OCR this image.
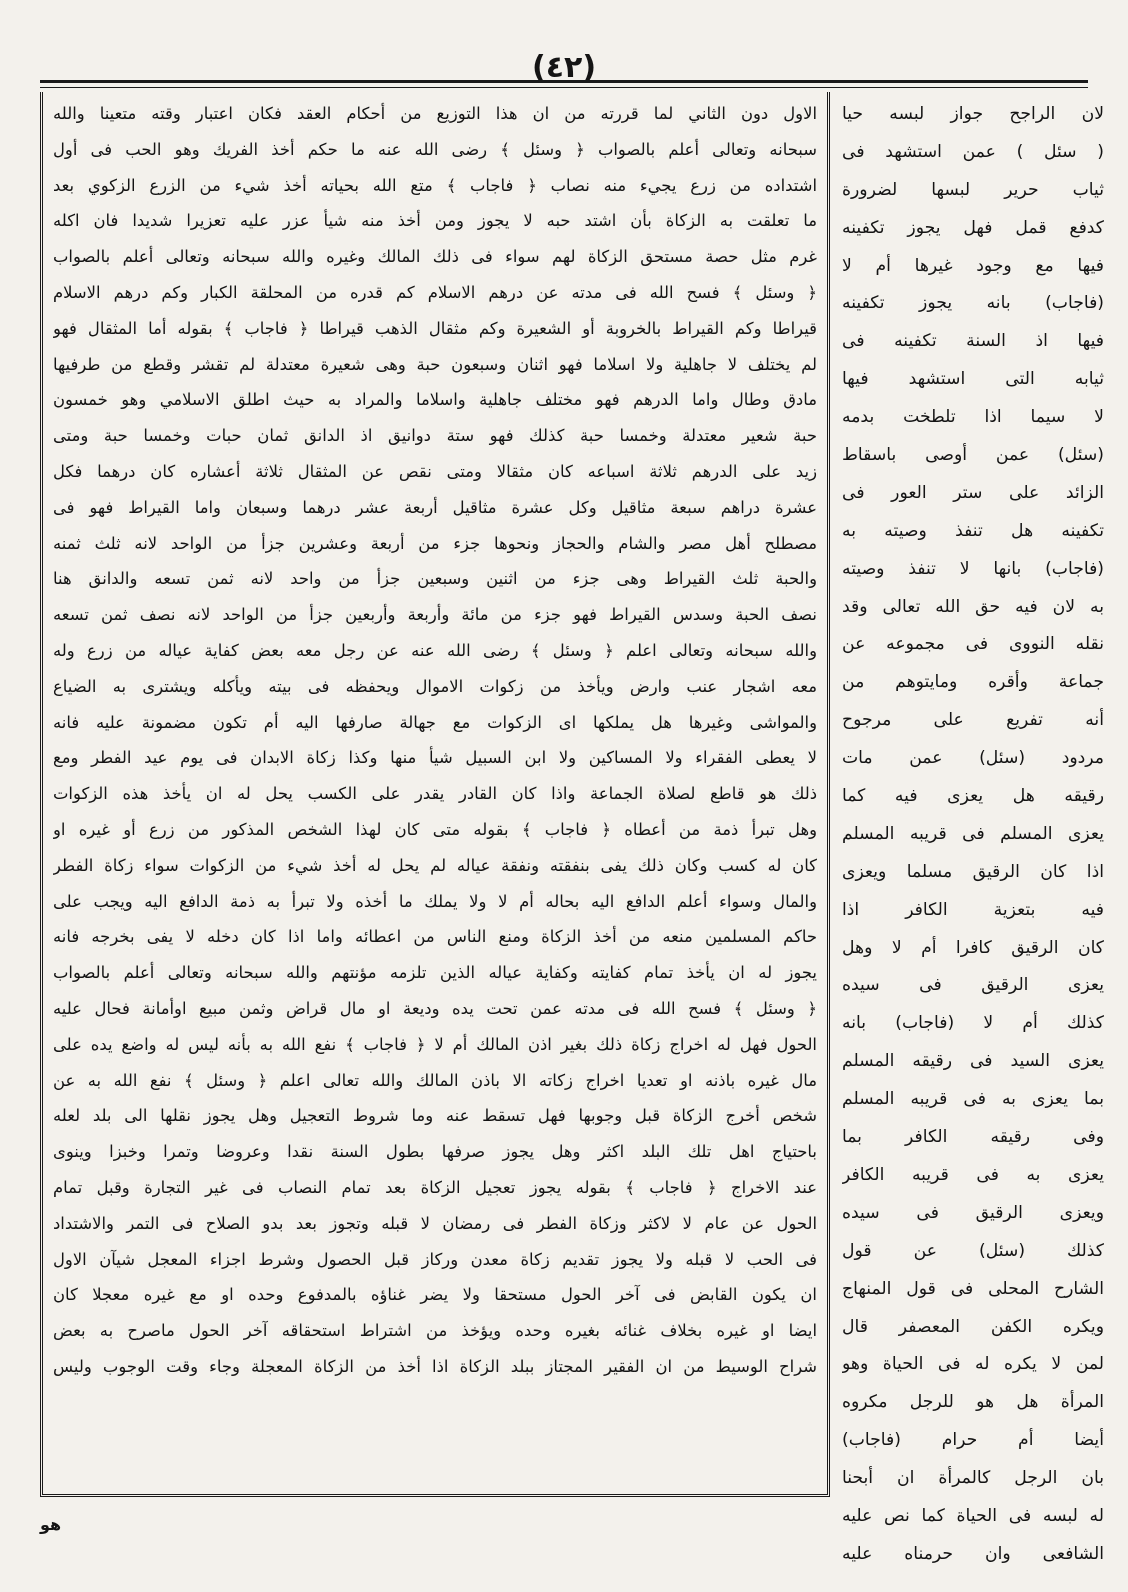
(٤٢)
الاول دون الثاني لما قررته من ان هذا التوزيع من أحكام العقد فكان اعتبار وقته متعينا والله
سبحانه وتعالى أعلم بالصواب ﴿ وسئل ﴾ رضى الله عنه ما حكم أخذ الفريك وهو الحب فى أول
اشتداده من زرع يجيء منه نصاب ﴿ فاجاب ﴾ متع الله بحياته أخذ شيء من الزرع الزكوي بعد
ما تعلقت به الزكاة بأن اشتد حبه لا يجوز ومن أخذ منه شيأ عزر عليه تعزيرا شديدا فان اكله
غرم مثل حصة مستحق الزكاة لهم سواء فى ذلك المالك وغيره والله سبحانه وتعالى أعلم بالصواب
﴿ وسئل ﴾ فسح الله فى مدته عن درهم الاسلام كم قدره من المحلقة الكبار وكم درهم الاسلام
قيراطا وكم القيراط بالخروبة أو الشعيرة وكم مثقال الذهب قيراطا ﴿ فاجاب ﴾ بقوله أما المثقال فهو
لم يختلف لا جاهلية ولا اسلاما فهو اثنان وسبعون حبة وهى شعيرة معتدلة لم تقشر وقطع من طرفيها
مادق وطال واما الدرهم فهو مختلف جاهلية واسلاما والمراد به حيث اطلق الاسلامي وهو خمسون
حبة شعير معتدلة وخمسا حبة كذلك فهو ستة دوانيق اذ الدانق ثمان حبات وخمسا حبة ومتى
زيد على الدرهم ثلاثة اسباعه كان مثقالا ومتى نقص عن المثقال ثلاثة أعشاره كان درهما فكل
عشرة دراهم سبعة مثاقيل وكل عشرة مثاقيل أربعة عشر درهما وسبعان واما القيراط فهو فى
مصطلح أهل مصر والشام والحجاز ونحوها جزء من أربعة وعشرين جزأ من الواحد لانه ثلث ثمنه
والحبة ثلث القيراط وهى جزء من اثنين وسبعين جزأ من واحد لانه ثمن تسعه والدانق هنا
نصف الحبة وسدس القيراط فهو جزء من مائة وأربعة وأربعين جزأ من الواحد لانه نصف ثمن تسعه
والله سبحانه وتعالى اعلم ﴿ وسئل ﴾ رضى الله عنه عن رجل معه بعض كفاية عياله من زرع وله
معه اشجار عنب وارض ويأخذ من زكوات الاموال ويحفظه فى بيته ويأكله ويشترى به الضياع
والمواشى وغيرها هل يملكها اى الزكوات مع جهالة صارفها اليه أم تكون مضمونة عليه فانه
لا يعطى الفقراء ولا المساكين ولا ابن السبيل شيأ منها وكذا زكاة الابدان فى يوم عيد الفطر ومع
ذلك هو قاطع لصلاة الجماعة واذا كان القادر يقدر على الكسب يحل له ان يأخذ هذه الزكوات
وهل تبرأ ذمة من أعطاه ﴿ فاجاب ﴾ بقوله متى كان لهذا الشخص المذكور من زرع أو غيره او
كان له كسب وكان ذلك يفى بنفقته ونفقة عياله لم يحل له أخذ شيء من الزكوات سواء زكاة الفطر
والمال وسواء أعلم الدافع اليه بحاله أم لا ولا يملك ما أخذه ولا تبرأ به ذمة الدافع اليه ويجب على
حاكم المسلمين منعه من أخذ الزكاة ومنع الناس من اعطائه واما اذا كان دخله لا يفى بخرجه فانه
يجوز له ان يأخذ تمام كفايته وكفاية عياله الذين تلزمه مؤنتهم والله سبحانه وتعالى أعلم بالصواب
﴿ وسئل ﴾ فسح الله فى مدته عمن تحت يده وديعة او مال قراض وثمن مبيع اوأمانة فحال عليه
الحول فهل له اخراج زكاة ذلك بغير اذن المالك أم لا ﴿ فاجاب ﴾ نفع الله به بأنه ليس له واضع يده على
مال غيره باذنه او تعديا اخراج زكاته الا باذن المالك والله تعالى اعلم ﴿ وسئل ﴾ نفع الله به عن
شخص أخرج الزكاة قبل وجوبها فهل تسقط عنه وما شروط التعجيل وهل يجوز نقلها الى بلد لعله
باحتياج اهل تلك البلد اكثر وهل يجوز صرفها بطول السنة نقدا وعروضا وتمرا وخبزا وينوى
عند الاخراج ﴿ فاجاب ﴾ بقوله يجوز تعجيل الزكاة بعد تمام النصاب فى غير التجارة وقبل تمام
الحول عن عام لا لاكثر وزكاة الفطر فى رمضان لا قبله وتجوز بعد بدو الصلاح فى التمر والاشتداد
فى الحب لا قبله ولا يجوز تقديم زكاة معدن وركاز قبل الحصول وشرط اجزاء المعجل شيآن الاول
ان يكون القابض فى آخر الحول مستحقا ولا يضر غناؤه بالمدفوع وحده او مع غيره معجلا كان
ايضا او غيره بخلاف غنائه بغيره وحده ويؤخذ من اشتراط استحقاقه آخر الحول ماصرح به بعض
شراح الوسيط من ان الفقير المجتاز ببلد الزكاة اذا أخذ من الزكاة المعجلة وجاء وقت الوجوب وليس
لان الراجح جواز لبسه حيا
( سئل ) عمن استشهد فى
ثياب حرير لبسها لضرورة
كدفع قمل فهل يجوز تكفينه
فيها مع وجود غيرها أم لا
(فاجاب) بانه يجوز تكفينه
فيها اذ السنة تكفينه فى
ثيابه التى استشهد فيها
لا سيما اذا تلطخت بدمه
(سئل) عمن أوصى باسقاط
الزائد على ستر العور فى
تكفينه هل تنفذ وصيته به
(فاجاب) بانها لا تنفذ وصيته
به لان فيه حق الله تعالى وقد
نقله النووى فى مجموعه عن
جماعة وأقره ومايتوهم من
أنه تفريع على مرجوح
مردود (سئل) عمن مات
رقيقه هل يعزى فيه كما
يعزى المسلم فى قريبه المسلم
اذا كان الرقيق مسلما ويعزى
فيه بتعزية الكافر اذا
كان الرقيق كافرا أم لا وهل
يعزى الرقيق فى سيده
كذلك أم لا (فاجاب) بانه
يعزى السيد فى رقيقه المسلم
بما يعزى به فى قريبه المسلم
وفى رقيقه الكافر بما
يعزى به فى قريبه الكافر
ويعزى الرقيق فى سيده
كذلك (سئل) عن قول
الشارح المحلى فى قول المنهاج
ويكره الكفن المعصفر قال
لمن لا يكره له فى الحياة وهو
المرأة هل هو للرجل مكروه
أيضا أم حرام (فاجاب)
بان الرجل كالمرأة ان أبحنا
له لبسه فى الحياة كما نص عليه
الشافعى وان حرمناه عليه
هو
